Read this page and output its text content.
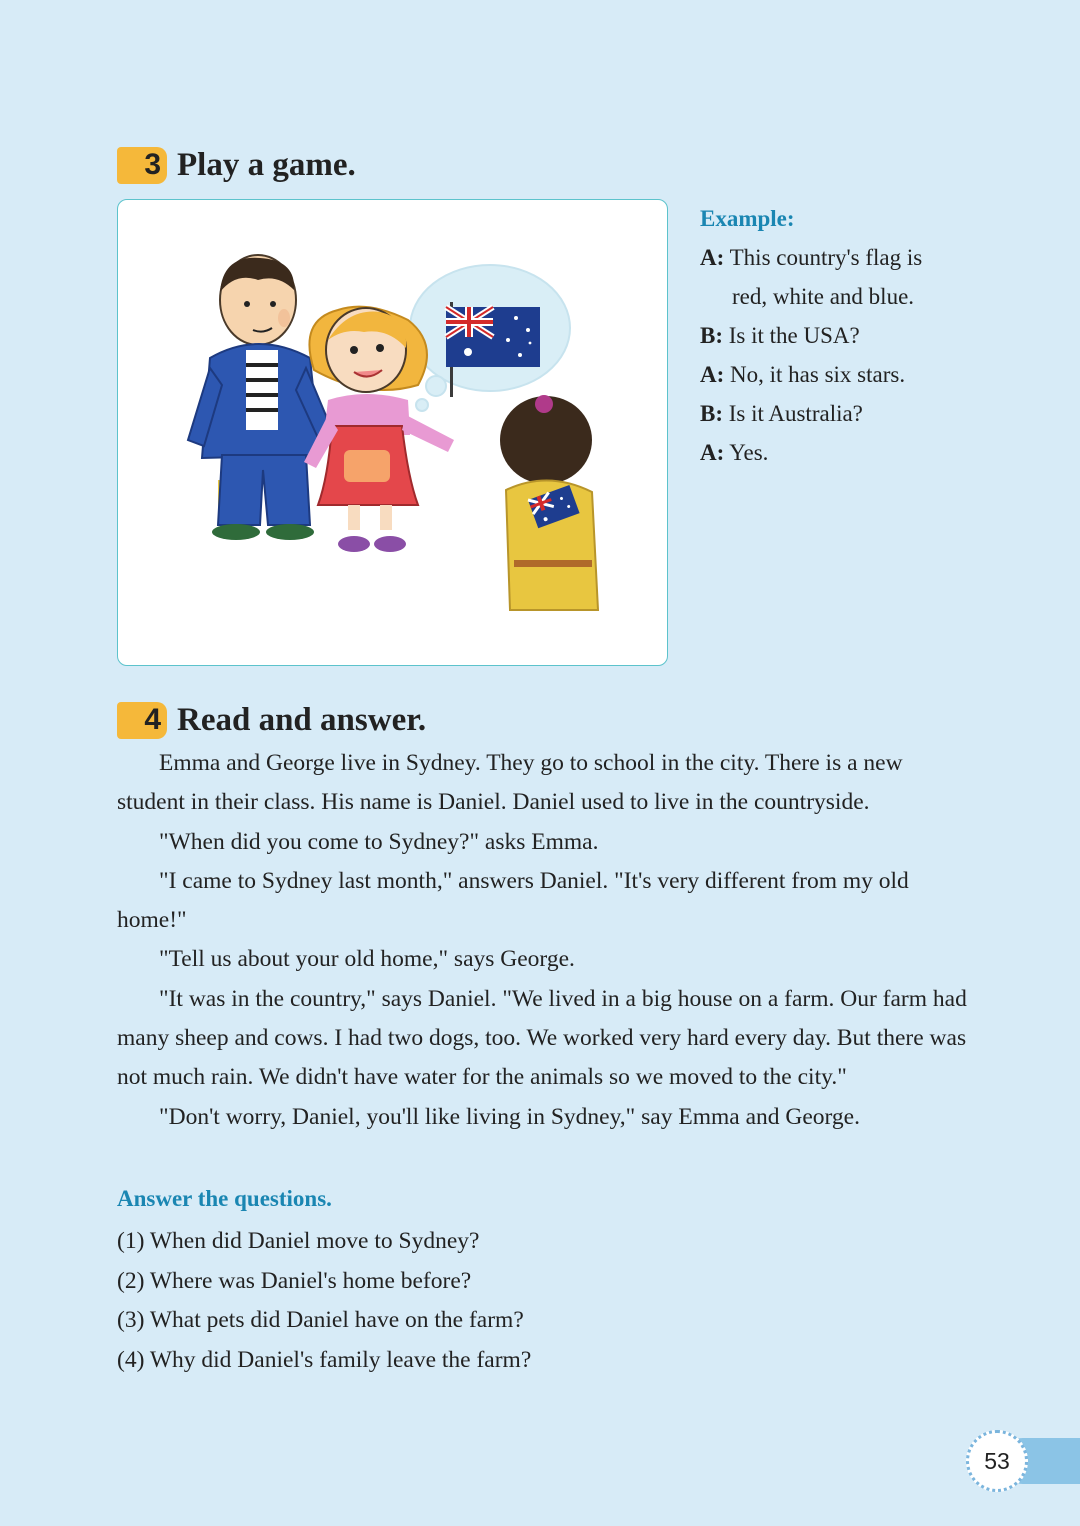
3 Play a game.
Example:
A: This country's flag is
red, white and blue.
B: Is it the USA?
A: No, it has six stars.
B: Is it Australia?
A: Yes.
4 Read and answer.

Emma and George live in Sydney. They go to school in the city. There is a new student in their class. His name is Daniel. Daniel used to live in the countryside.

"When did you come to Sydney?" asks Emma.

"I came to Sydney last month," answers Daniel. "It's very different from my old home!"

"Tell us about your old home," says George.

"It was in the country," says Daniel. "We lived in a big house on a farm. Our farm had many sheep and cows. I had two dogs, too. We worked very hard every day. But there was not much rain. We didn't have water for the animals so we moved to the city."

"Don't worry, Daniel, you'll like living in Sydney," say Emma and George.

Answer the questions.
(1) When did Daniel move to Sydney?
(2) Where was Daniel's home before?
(3) What pets did Daniel have on the farm?
(4) Why did Daniel's family leave the farm?
53
